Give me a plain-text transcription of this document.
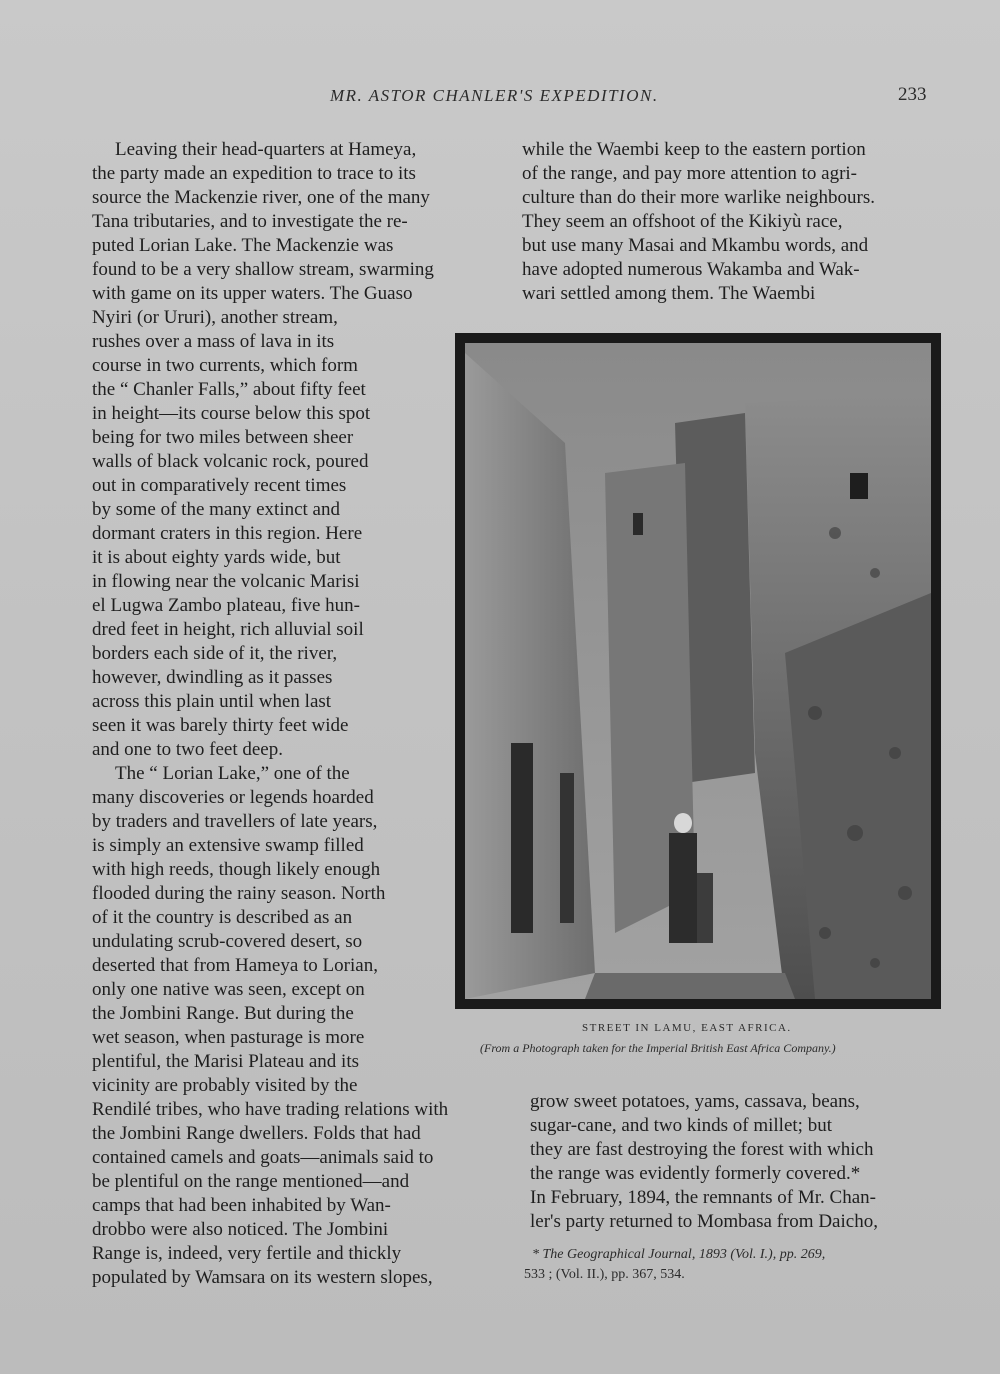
MR. ASTOR CHANLER'S EXPEDITION.	233
Leaving their head-quarters at Hameya,
the party made an expedition to trace to its
source the Mackenzie river, one of the many
Tana tributaries, and to investigate the re-
puted Lorian Lake. The Mackenzie was
found to be a very shallow stream, swarming
with game on its upper waters. The Guaso
Nyiri (or Ururi), another stream,
rushes over a mass of lava in its
course in two currents, which form
the “ Chanler Falls,” about fifty feet
in height—its course below this spot
being for two miles between sheer
walls of black volcanic rock, poured
out in comparatively recent times
by some of the many extinct and
dormant craters in this region. Here
it is about eighty yards wide, but
in flowing near the volcanic Marisi
el Lugwa Zambo plateau, five hun-
dred feet in height, rich alluvial soil
borders each side of it, the river,
however, dwindling as it passes
across this plain until when last
seen it was barely thirty feet wide
and one to two feet deep.
The “ Lorian Lake,” one of the
many discoveries or legends hoarded
by traders and travellers of late years,
is simply an extensive swamp filled
with high reeds, though likely enough
flooded during the rainy season. North
of it the country is described as an
undulating scrub-covered desert, so
deserted that from Hameya to Lorian,
only one native was seen, except on
the Jombini Range. But during the
wet season, when pasturage is more
plentiful, the Marisi Plateau and its
vicinity are probably visited by the
Rendilé tribes, who have trading relations with
the Jombini Range dwellers. Folds that had
contained camels and goats—animals said to
be plentiful on the range mentioned—and
camps that had been inhabited by Wan-
drobbo were also noticed. The Jombini
Range is, indeed, very fertile and thickly
populated by Wamsara on its western slopes,
while the Waembi keep to the eastern portion
of the range, and pay more attention to agri-
culture than do their more warlike neighbours.
They seem an offshoot of the Kikiyù race,
but use many Masai and Mkambu words, and
have adopted numerous Wakamba and Wak-
wari settled among them. The Waembi
STREET IN LAMU, EAST AFRICA.
(From a Photograph taken for the Imperial British East Africa Company.)
grow sweet potatoes, yams, cassava, beans,
sugar-cane, and two kinds of millet; but
they are fast destroying the forest with which
the range was evidently formerly covered.*
In February, 1894, the remnants of Mr. Chan-
ler's party returned to Mombasa from Daicho,
* The Geographical Journal, 1893 (Vol. I.), pp. 269,
533 ; (Vol. II.), pp. 367, 534.
